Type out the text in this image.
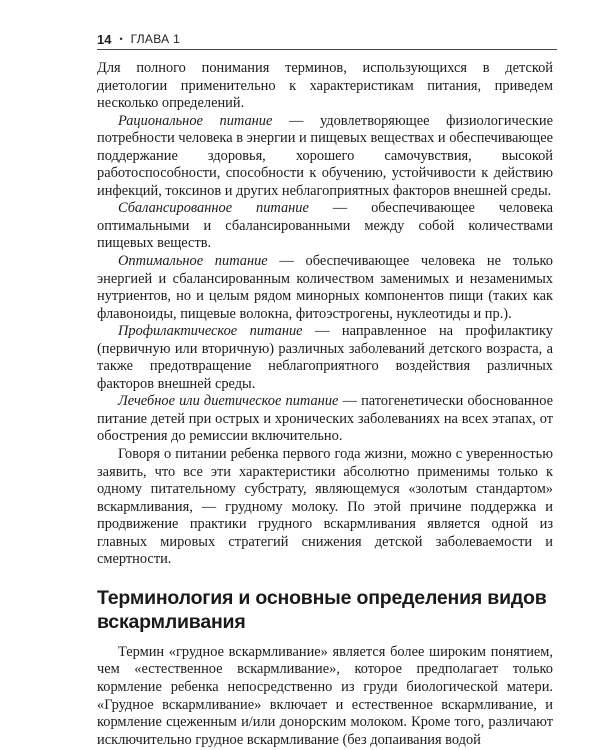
14 • ГЛАВА 1

Для полного понимания терминов, использующихся в детской диетологии применительно к характеристикам питания, приведем несколько определений.

Рациональное питание — удовлетворяющее физиологические потребности человека в энергии и пищевых веществах и обеспечивающее поддержание здоровья, хорошего самочувствия, высокой работоспособности, способности к обучению, устойчивости к действию инфекций, токсинов и других неблагоприятных факторов внешней среды.

Сбалансированное питание — обеспечивающее человека оптимальными и сбалансированными между собой количествами пищевых веществ.

Оптимальное питание — обеспечивающее человека не только энергией и сбалансированным количеством заменимых и незаменимых нутриентов, но и целым рядом минорных компонентов пищи (таких как флавоноиды, пищевые волокна, фитоэстрогены, нуклеотиды и пр.).

Профилактическое питание — направленное на профилактику (первичную или вторичную) различных заболеваний детского возраста, а также предотвращение неблагоприятного воздействия различных факторов внешней среды.

Лечебное или диетическое питание — патогенетически обоснованное питание детей при острых и хронических заболеваниях на всех этапах, от обострения до ремиссии включительно.

Говоря о питании ребенка первого года жизни, можно с уверенностью заявить, что все эти характеристики абсолютно применимы только к одному питательному субстрату, являющемуся «золотым стандартом» вскармливания, — грудному молоку. По этой причине поддержка и продвижение практики грудного вскармливания является одной из главных мировых стратегий снижения детской заболеваемости и смертности.

Терминология и основные определения видов вскармливания

Термин «грудное вскармливание» является более широким понятием, чем «естественное вскармливание», которое предполагает только кормление ребенка непосредственно из груди биологической матери. «Грудное вскармливание» включает и естественное вскармливание, и кормление сцеженным и/или донорским молоком. Кроме того, различают исключительно грудное вскармливание (без допаивания водой
